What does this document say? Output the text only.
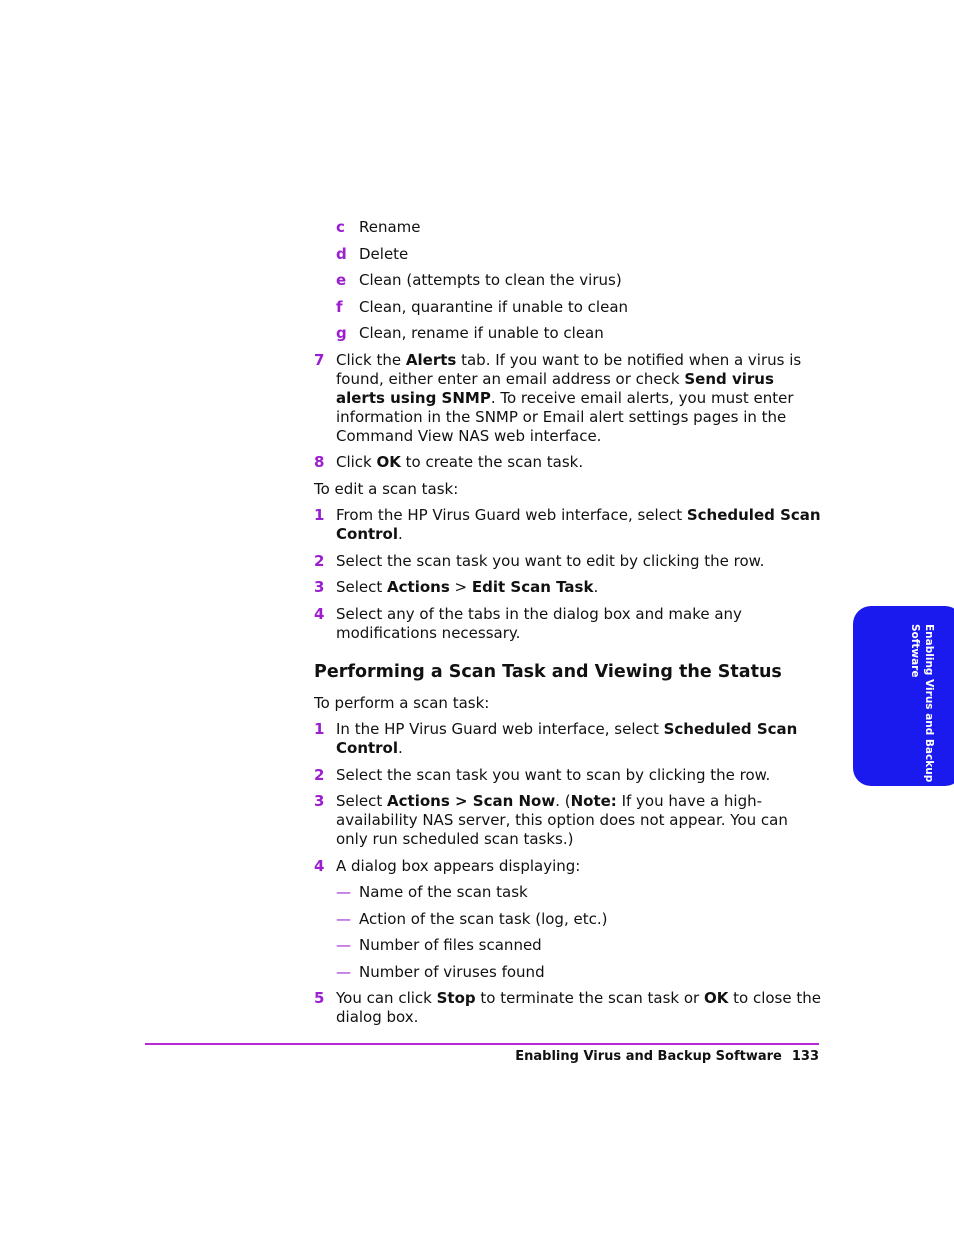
c Rename
d Delete
e Clean (attempts to clean the virus)
f Clean, quarantine if unable to clean
g Clean, rename if unable to clean
7 Click the Alerts tab. If you want to be notified when a virus is found, either enter an email address or check Send virus alerts using SNMP. To receive email alerts, you must enter information in the SNMP or Email alert settings pages in the Command View NAS web interface.
8 Click OK to create the scan task.
To edit a scan task:
1 From the HP Virus Guard web interface, select Scheduled Scan Control.
2 Select the scan task you want to edit by clicking the row.
3 Select Actions > Edit Scan Task.
4 Select any of the tabs in the dialog box and make any modifications necessary.
Performing a Scan Task and Viewing the Status
To perform a scan task:
1 In the HP Virus Guard web interface, select Scheduled Scan Control.
2 Select the scan task you want to scan by clicking the row.
3 Select Actions > Scan Now. (Note: If you have a high-availability NAS server, this option does not appear. You can only run scheduled scan tasks.)
4 A dialog box appears displaying:
— Name of the scan task
— Action of the scan task (log, etc.)
— Number of files scanned
— Number of viruses found
5 You can click Stop to terminate the scan task or OK to close the dialog box.
Enabling Virus and Backup
Software
Enabling Virus and Backup Software 133
